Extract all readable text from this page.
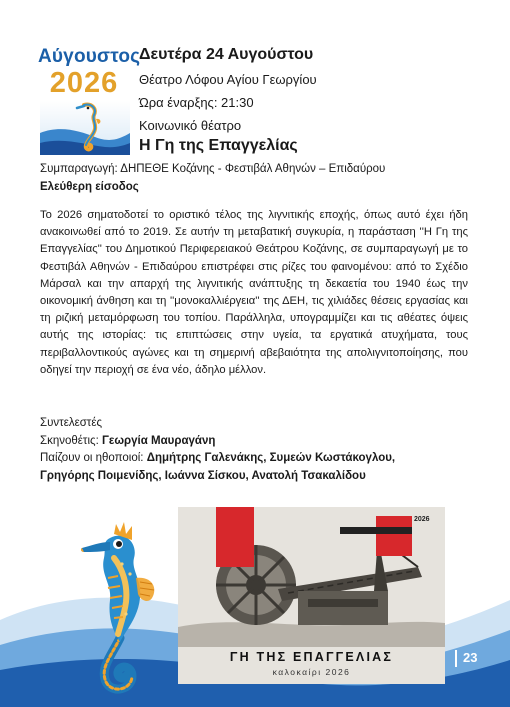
Αύγουστος
2026
Δευτέρα 24 Αυγούστου
Θέατρο Λόφου Αγίου Γεωργίου
Ώρα έναρξης: 21:30
Κοινωνικό θέατρο
Η Γη της Επαγγελίας
Συμπαραγωγή: ΔΗΠΕΘΕ Κοζάνης - Φεστιβάλ Αθηνών – Επιδαύρου
Ελεύθερη είσοδος
Το 2026 σηματοδοτεί το οριστικό τέλος της λιγνιτικής εποχής, όπως αυτό έχει ήδη ανακοινωθεί από το 2019. Σε αυτήν τη μεταβατική συγκυρία, η παράσταση ''Η Γη της Επαγγελίας'' του Δημοτικού Περιφερειακού Θεάτρου Κοζάνης, σε συμπαραγωγή με το Φεστιβάλ Αθηνών - Επιδαύρου επιστρέφει στις ρίζες του φαινομένου: από το Σχέδιο Μάρσαλ και την απαρχή της λιγνιτικής ανάπτυξης τη δεκαετία του 1940 έως την οικονομική άνθηση και τη ''μονοκαλλιέργεια'' της ΔΕΗ, τις χιλιάδες θέσεις εργασίας και τη ριζική μεταμόρφωση του τοπίου. Παράλληλα, υπογραμμίζει και τις αθέατες όψεις αυτής της ιστορίας: τις επιπτώσεις στην υγεία, τα εργατικά ατυχήματα, τους περιβαλλοντικούς αγώνες και τη σημερινή αβεβαιότητα της απολιγνιτοποίησης, που οδηγεί την περιοχή σε ένα νέο, άδηλο μέλλον.
Συντελεστές
Σκηνοθέτις: Γεωργία Μαυραγάνη
Παίζουν οι ηθοποιοί: Δημήτρης Γαλενάκης, Συμεών Κωστάκογλου,
Γρηγόρης Ποιμενίδης, Ιωάννα Σίσκου, Ανατολή Τσακαλίδου
2026
ΓΗ ΤΗΣ ΕΠΑΓΓΕΛΙΑΣ
καλοκαίρι 2026
23
